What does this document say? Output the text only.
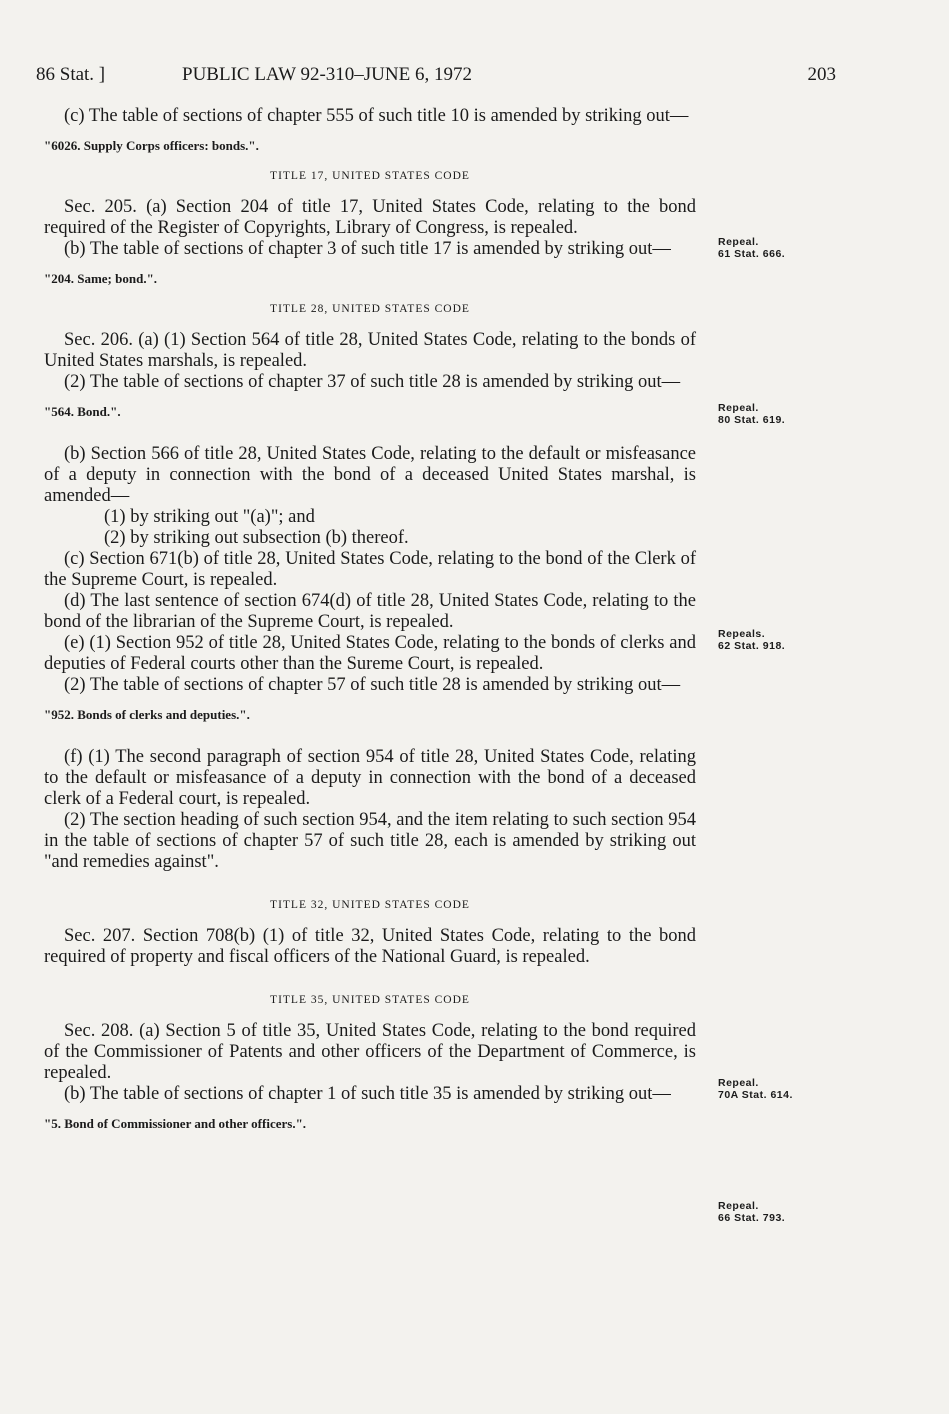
86 Stat. ]	PUBLIC LAW 92-310–JUNE 6, 1972	203

(c) The table of sections of chapter 555 of such title 10 is amended by striking out—

"6026. Supply Corps officers: bonds.".
TITLE 17, UNITED STATES CODE

Sec. 205. (a) Section 204 of title 17, United States Code, relating to the bond required of the Register of Copyrights, Library of Congress, is repealed.

(b) The table of sections of chapter 3 of such title 17 is amended by striking out—

"204. Same; bond.".
TITLE 28, UNITED STATES CODE

Sec. 206. (a) (1) Section 564 of title 28, United States Code, relating to the bonds of United States marshals, is repealed.

(2) The table of sections of chapter 37 of such title 28 is amended by striking out—

"564. Bond.".

(b) Section 566 of title 28, United States Code, relating to the default or misfeasance of a deputy in connection with the bond of a deceased United States marshal, is amended—

(1) by striking out "(a)"; and

(2) by striking out subsection (b) thereof.

(c) Section 671(b) of title 28, United States Code, relating to the bond of the Clerk of the Supreme Court, is repealed.

(d) The last sentence of section 674(d) of title 28, United States Code, relating to the bond of the librarian of the Supreme Court, is repealed.

(e) (1) Section 952 of title 28, United States Code, relating to the bonds of clerks and deputies of Federal courts other than the Sureme Court, is repealed.

(2) The table of sections of chapter 57 of such title 28 is amended by striking out—

"952. Bonds of clerks and deputies.".

(f) (1) The second paragraph of section 954 of title 28, United States Code, relating to the default or misfeasance of a deputy in connection with the bond of a deceased clerk of a Federal court, is repealed.

(2) The section heading of such section 954, and the item relating to such section 954 in the table of sections of chapter 57 of such title 28, each is amended by striking out "and remedies against".

TITLE 32, UNITED STATES CODE

Sec. 207. Section 708(b) (1) of title 32, United States Code, relating to the bond required of property and fiscal officers of the National Guard, is repealed.

TITLE 35, UNITED STATES CODE

Sec. 208. (a) Section 5 of title 35, United States Code, relating to the bond required of the Commissioner of Patents and other officers of the Department of Commerce, is repealed.

(b) The table of sections of chapter 1 of such title 35 is amended by striking out—

"5. Bond of Commissioner and other officers.".
Repeal.
61 Stat. 666.
Repeal.
80 Stat. 619.
Repeals.
62 Stat. 918.
Repeal.
70A Stat. 614.
Repeal.
66 Stat. 793.
